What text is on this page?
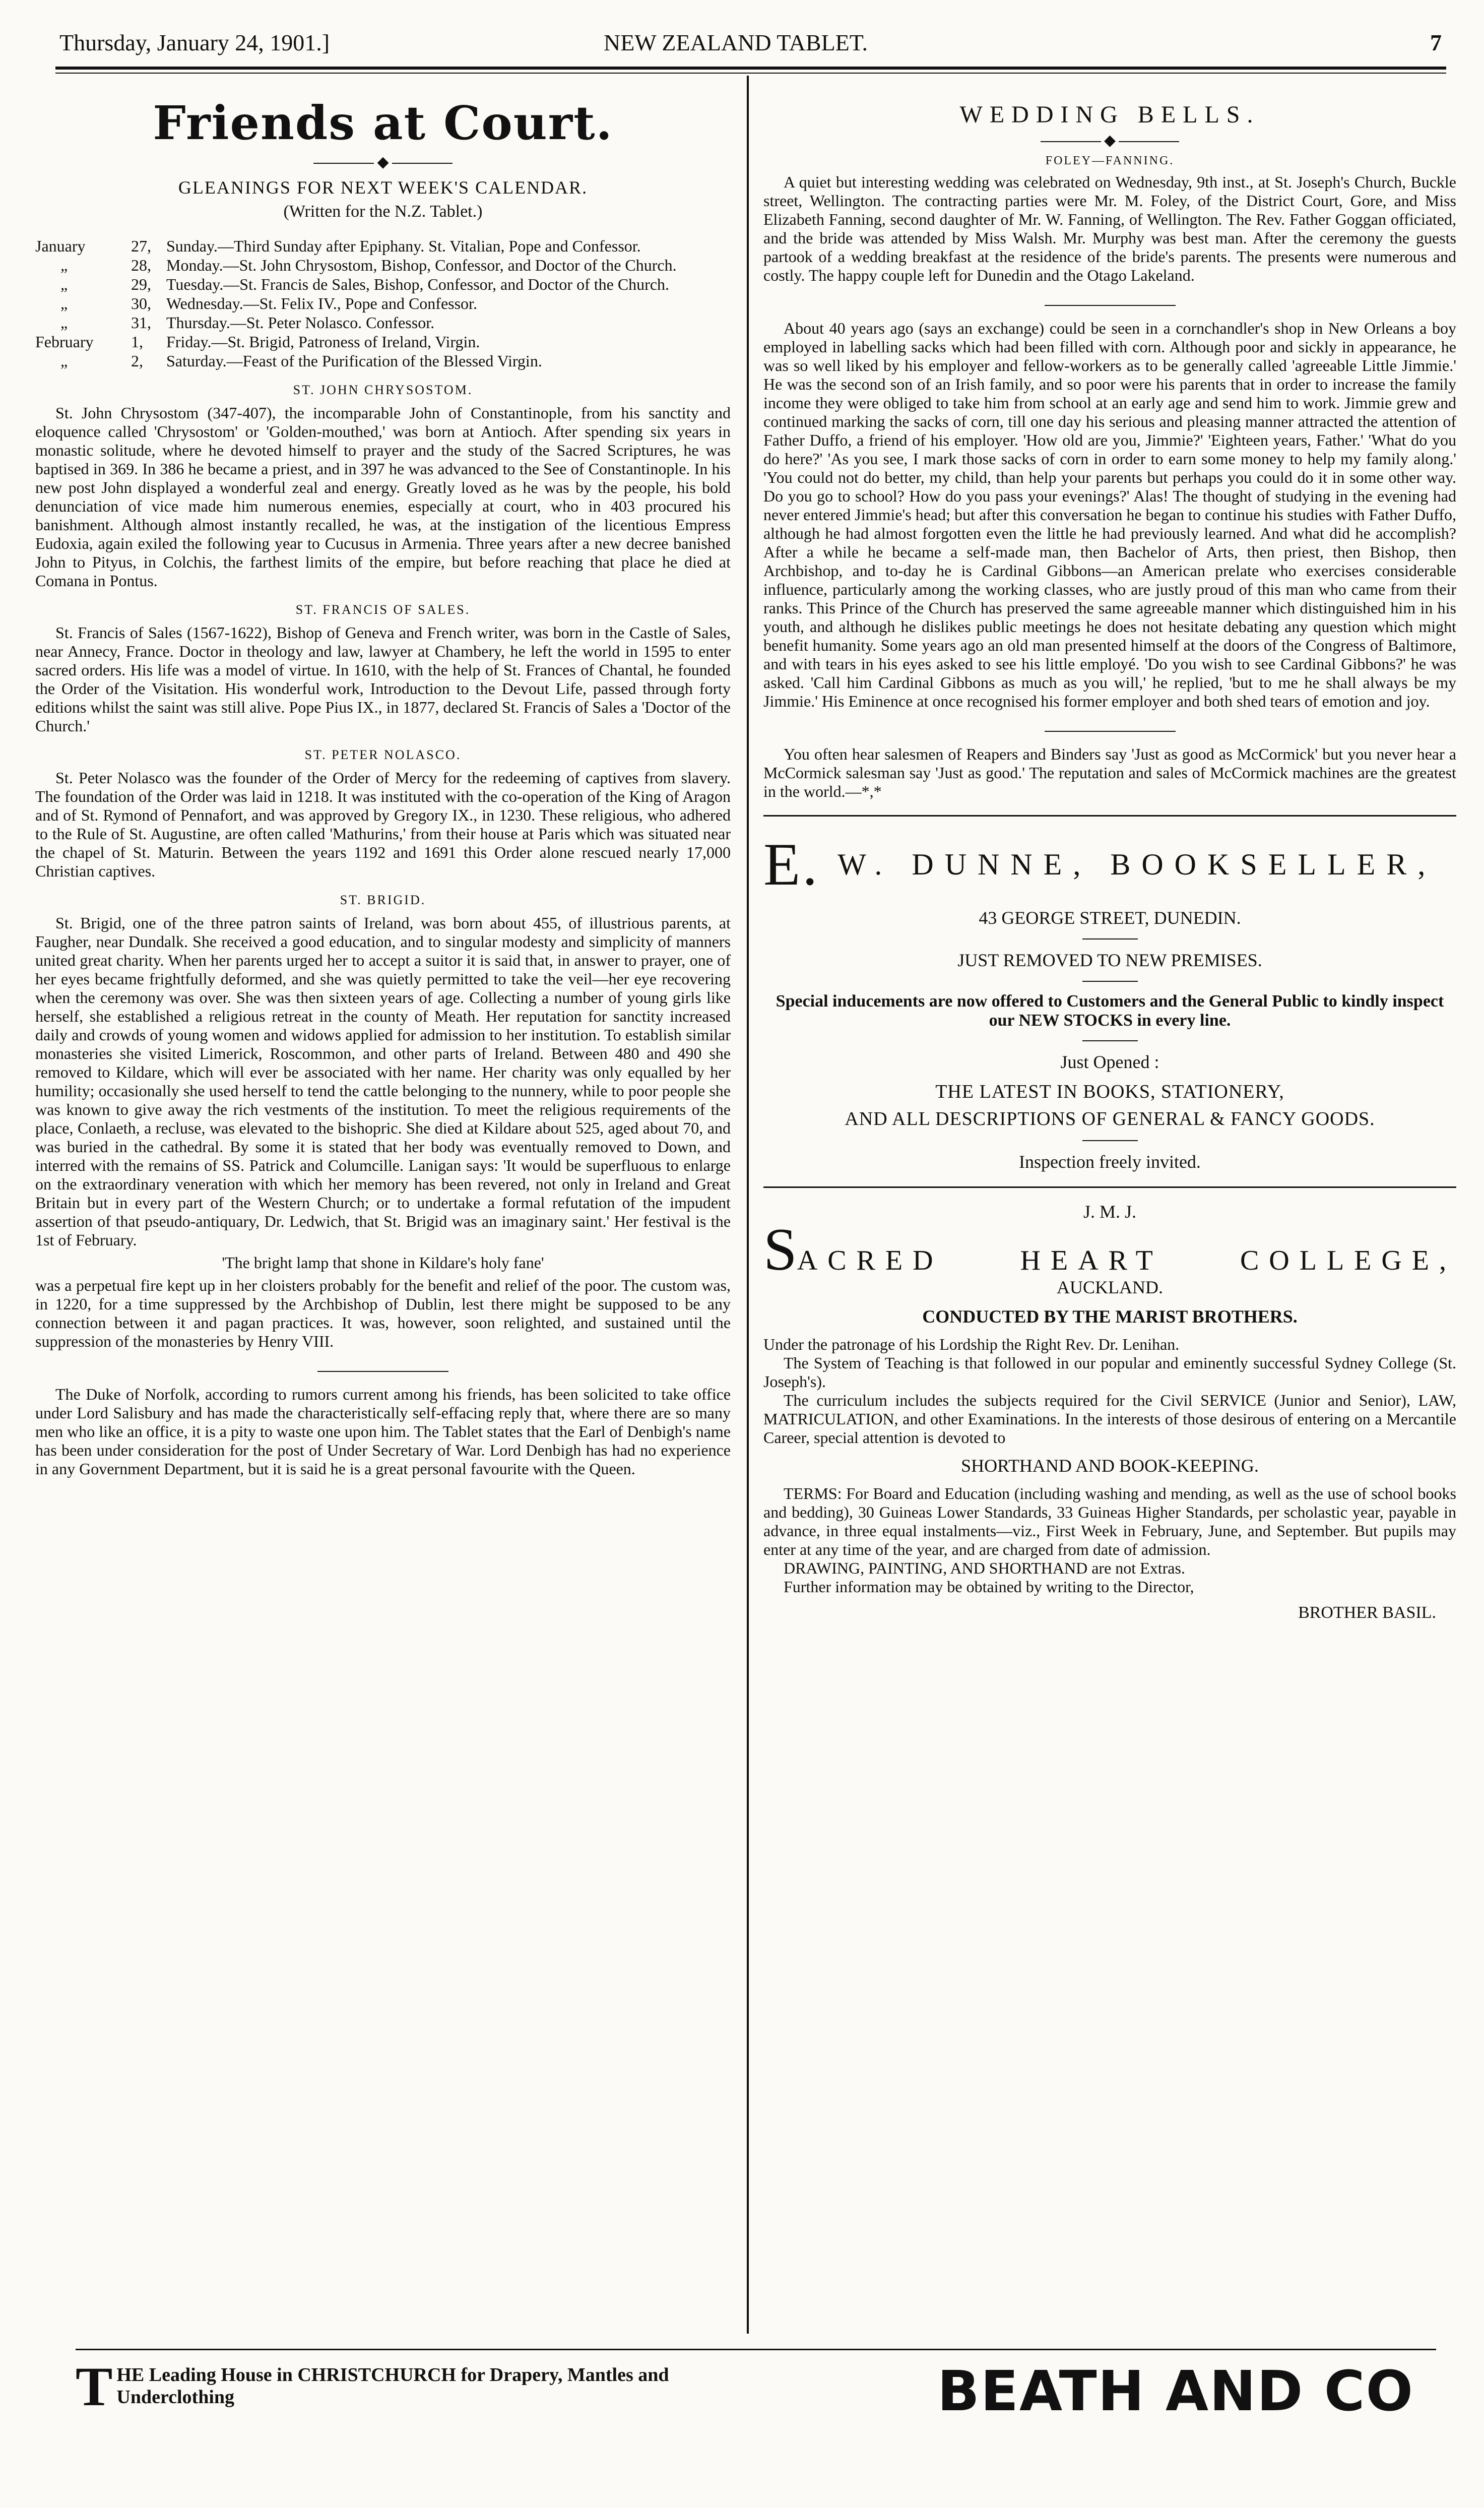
Thursday, January 24, 1901.]	NEW ZEALAND TABLET.	7
Friends at Court.
◆
GLEANINGS FOR NEXT WEEK'S CALENDAR.
(Written for the N.Z. Tablet.)
January	27, Sunday.—Third Sunday after Epiphany. St. Vitalian, Pope and Confessor.
„	28, Monday.—St. John Chrysostom, Bishop, Confessor, and Doctor of the Church.
„	29, Tuesday.—St. Francis de Sales, Bishop, Confessor, and Doctor of the Church.
„	30, Wednesday.—St. Felix IV., Pope and Confessor.
„	31, Thursday.—St. Peter Nolasco. Confessor.
February	1,	Friday.—St. Brigid, Patroness of Ireland, Virgin.
„	2,	Saturday.—Feast of the Purification of the Blessed Virgin.
ST. JOHN CHRYSOSTOM.

St. John Chrysostom (347-407), the incomparable John of Constantinople, from his sanctity and eloquence called 'Chrysostom' or 'Golden-mouthed,' was born at Antioch. After spending six years in monastic solitude, where he devoted himself to prayer and the study of the Sacred Scriptures, he was baptised in 369. In 386 he became a priest, and in 397 he was advanced to the See of Constantinople. In his new post John displayed a wonderful zeal and energy. Greatly loved as he was by the people, his bold denunciation of vice made him numerous enemies, especially at court, who in 403 procured his banishment. Although almost instantly recalled, he was, at the instigation of the licentious Empress Eudoxia, again exiled the following year to Cucusus in Armenia. Three years after a new decree banished John to Pityus, in Colchis, the farthest limits of the empire, but before reaching that place he died at Comana in Pontus.

ST. FRANCIS OF SALES.

St. Francis of Sales (1567-1622), Bishop of Geneva and French writer, was born in the Castle of Sales, near Annecy, France. Doctor in theology and law, lawyer at Chambery, he left the world in 1595 to enter sacred orders. His life was a model of virtue. In 1610, with the help of St. Frances of Chantal, he founded the Order of the Visitation. His wonderful work, Introduction to the Devout Life, passed through forty editions whilst the saint was still alive. Pope Pius IX., in 1877, declared St. Francis of Sales a 'Doctor of the Church.'

ST. PETER NOLASCO.

St. Peter Nolasco was the founder of the Order of Mercy for the redeeming of captives from slavery. The foundation of the Order was laid in 1218. It was instituted with the co-operation of the King of Aragon and of St. Rymond of Pennafort, and was approved by Gregory IX., in 1230. These religious, who adhered to the Rule of St. Augustine, are often called 'Mathurins,' from their house at Paris which was situated near the chapel of St. Maturin. Between the years 1192 and 1691 this Order alone rescued nearly 17,000 Christian captives.

ST. BRIGID.

St. Brigid, one of the three patron saints of Ireland, was born about 455, of illustrious parents, at Faugher, near Dundalk. She received a good education, and to singular modesty and simplicity of manners united great charity. When her parents urged her to accept a suitor it is said that, in answer to prayer, one of her eyes became frightfully deformed, and she was quietly permitted to take the veil—her eye recovering when the ceremony was over. She was then sixteen years of age. Collecting a number of young girls like herself, she established a religious retreat in the county of Meath. Her reputation for sanctity increased daily and crowds of young women and widows applied for admission to her institution. To establish similar monasteries she visited Limerick, Roscommon, and other parts of Ireland. Between 480 and 490 she removed to Kildare, which will ever be associated with her name. Her charity was only equalled by her humility; occasionally she used herself to tend the cattle belonging to the nunnery, while to poor people she was known to give away the rich vestments of the institution. To meet the religious requirements of the place, Conlaeth, a recluse, was elevated to the bishopric. She died at Kildare about 525, aged about 70, and was buried in the cathedral. By some it is stated that her body was eventually removed to Down, and interred with the remains of SS. Patrick and Columcille. Lanigan says: 'It would be superfluous to enlarge on the extraordinary veneration with which her memory has been revered, not only in Ireland and Great Britain but in every part of the Western Church; or to undertake a formal refutation of the impudent assertion of that pseudo-antiquary, Dr. Ledwich, that St. Brigid was an imaginary saint.' Her festival is the 1st of February.

'The bright lamp that shone in Kildare's holy fane'

was a perpetual fire kept up in her cloisters probably for the benefit and relief of the poor. The custom was, in 1220, for a time suppressed by the Archbishop of Dublin, lest there might be supposed to be any connection between it and pagan practices. It was, however, soon relighted, and sustained until the suppression of the monasteries by Henry VIII.

The Duke of Norfolk, according to rumors current among his friends, has been solicited to take office under Lord Salisbury and has made the characteristically self-effacing reply that, where there are so many men who like an office, it is a pity to waste one upon him. The Tablet states that the Earl of Denbigh's name has been under consideration for the post of Under Secretary of War. Lord Denbigh has had no experience in any Government Department, but it is said he is a great personal favourite with the Queen.

WEDDING BELLS.
◆
FOLEY—FANNING.

A quiet but interesting wedding was celebrated on Wednesday, 9th inst., at St. Joseph's Church, Buckle street, Wellington. The contracting parties were Mr. M. Foley, of the District Court, Gore, and Miss Elizabeth Fanning, second daughter of Mr. W. Fanning, of Wellington. The Rev. Father Goggan officiated, and the bride was attended by Miss Walsh. Mr. Murphy was best man. After the ceremony the guests partook of a wedding breakfast at the residence of the bride's parents. The presents were numerous and costly. The happy couple left for Dunedin and the Otago Lakeland.

About 40 years ago (says an exchange) could be seen in a cornchandler's shop in New Orleans a boy employed in labelling sacks which had been filled with corn. Although poor and sickly in appearance, he was so well liked by his employer and fellow-workers as to be generally called 'agreeable Little Jimmie.' He was the second son of an Irish family, and so poor were his parents that in order to increase the family income they were obliged to take him from school at an early age and send him to work. Jimmie grew and continued marking the sacks of corn, till one day his serious and pleasing manner attracted the attention of Father Duffo, a friend of his employer. 'How old are you, Jimmie?' 'Eighteen years, Father.' 'What do you do here?' 'As you see, I mark those sacks of corn in order to earn some money to help my family along.' 'You could not do better, my child, than help your parents but perhaps you could do it in some other way. Do you go to school? How do you pass your evenings?' Alas! The thought of studying in the evening had never entered Jimmie's head; but after this conversation he began to continue his studies with Father Duffo, although he had almost forgotten even the little he had previously learned. And what did he accomplish? After a while he became a self-made man, then Bachelor of Arts, then priest, then Bishop, then Archbishop, and to-day he is Cardinal Gibbons—an American prelate who exercises considerable influence, particularly among the working classes, who are justly proud of this man who came from their ranks. This Prince of the Church has preserved the same agreeable manner which distinguished him in his youth, and although he dislikes public meetings he does not hesitate debating any question which might benefit humanity. Some years ago an old man presented himself at the doors of the Congress of Baltimore, and with tears in his eyes asked to see his little employé. 'Do you wish to see Cardinal Gibbons?' he was asked. 'Call him Cardinal Gibbons as much as you will,' he replied, 'but to me he shall always be my Jimmie.' His Eminence at once recognised his former employer and both shed tears of emotion and joy.

You often hear salesmen of Reapers and Binders say 'Just as good as McCormick' but you never hear a McCormick salesman say 'Just as good.' The reputation and sales of McCormick machines are the greatest in the world.—*,*

E. W. DUNNE, BOOKSELLER,
43 GEORGE STREET, DUNEDIN.
JUST REMOVED TO NEW PREMISES.
Special inducements are now offered to Customers and the General Public to kindly inspect our NEW STOCKS in every line.
Just Opened :
THE LATEST IN BOOKS, STATIONERY,
AND ALL DESCRIPTIONS OF GENERAL & FANCY GOODS.
Inspection freely invited.
J. M. J.
SACRED	HEART	COLLEGE,
AUCKLAND.
CONDUCTED BY THE MARIST BROTHERS.

Under the patronage of his Lordship the Right Rev. Dr. Lenihan.

The System of Teaching is that followed in our popular and eminently successful Sydney College (St. Joseph's).

The curriculum includes the subjects required for the Civil SERVICE (Junior and Senior), LAW, MATRICULATION, and other Examinations. In the interests of those desirous of entering on a Mercantile Career, special attention is devoted to

SHORTHAND AND BOOK-KEEPING.

TERMS: For Board and Education (including washing and mending, as well as the use of school books and bedding), 30 Guineas Lower Standards, 33 Guineas Higher Standards, per scholastic year, payable in advance, in three equal instalments—viz., First Week in February, June, and September. But pupils may enter at any time of the year, and are charged from date of admission.

DRAWING, PAINTING, AND SHORTHAND are not Extras.

Further information may be obtained by writing to the Director,

BROTHER BASIL.
T HE Leading House in CHRISTCHURCH for Drapery, Mantles and Underclothing	BEATH AND CO
